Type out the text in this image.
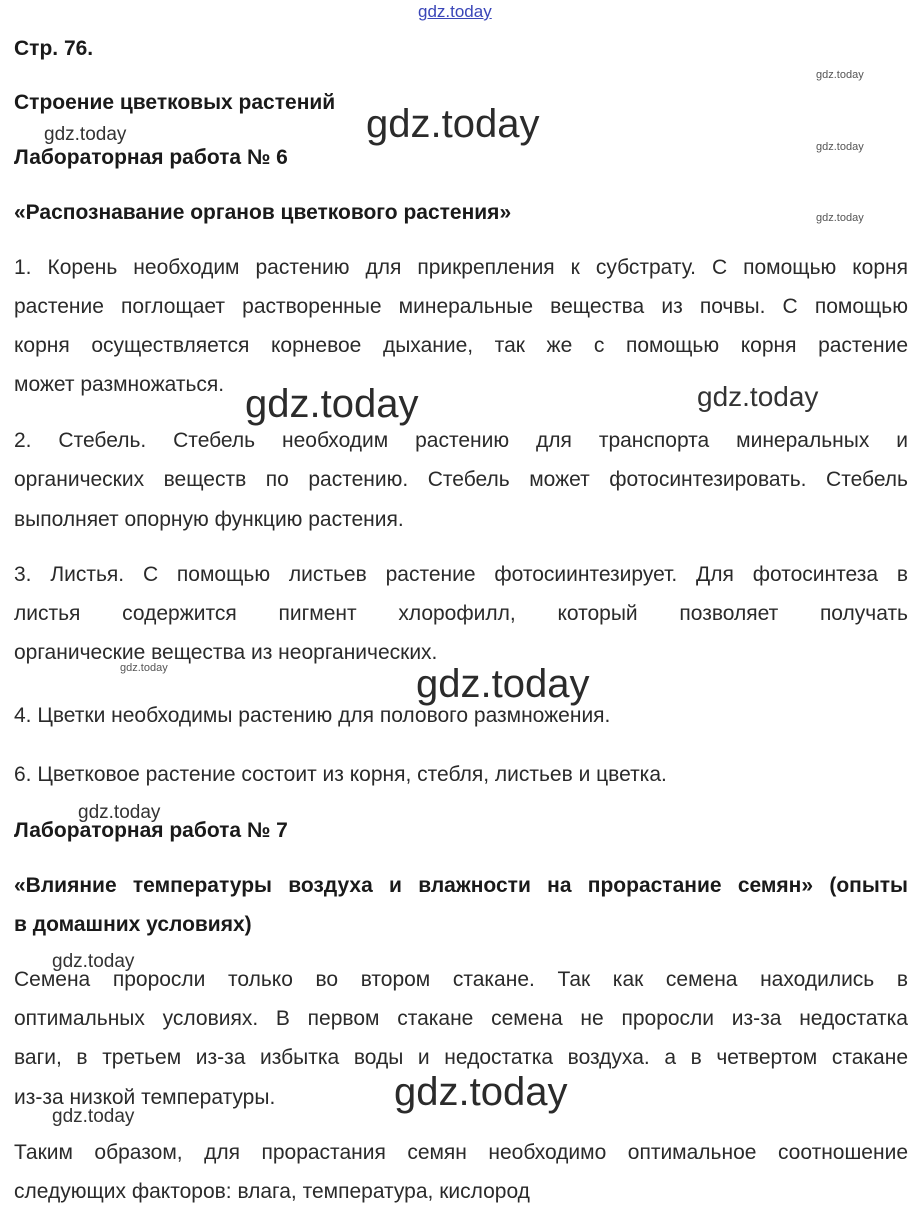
Стр. 76.
Строение цветковых растений
Лабораторная работа № 6
«Распознавание органов цветкового растения»
1. Корень необходим растению для прикрепления к субстрату. С помощью корня
растение поглощает растворенные минеральные вещества из почвы. С помощью
корня осуществляется корневое дыхание, так же с помощью корня растение
может размножаться.
2. Стебель. Стебель необходим растению для транспорта минеральных и
органических веществ по растению. Стебель может фотосинтезировать. Стебель
выполняет опорную функцию растения.
3. Листья. С помощью листьев растение фотосиинтезирует. Для фотосинтеза в
листья содержится пигмент хлорофилл, который позволяет получать
органические вещества из неорганических.
4. Цветки необходимы растению для полового размножения.
6. Цветковое растение состоит из корня, стебля, листьев и цветка.
Лабораторная работа № 7
«Влияние температуры воздуха и влажности на прорастание семян» (опыты
в домашних условиях)
Семена проросли только во втором стакане. Так как семена находились в
оптимальных условиях. В первом стакане семена не проросли из-за недостатка
ваги, в третьем из-за избытка воды и недостатка воздуха. а в четвертом стакане
из-за низкой температуры.
Таким образом, для прорастания семян необходимо оптимальное соотношение
следующих факторов: влага, температура, кислород
gdz.today
gdz.today
gdz.today
gdz.today
gdz.today
gdz.today
gdz.today
gdz.today
gdz.today
gdz.today
gdz.today
gdz.today
gdz.today
gdz.today
